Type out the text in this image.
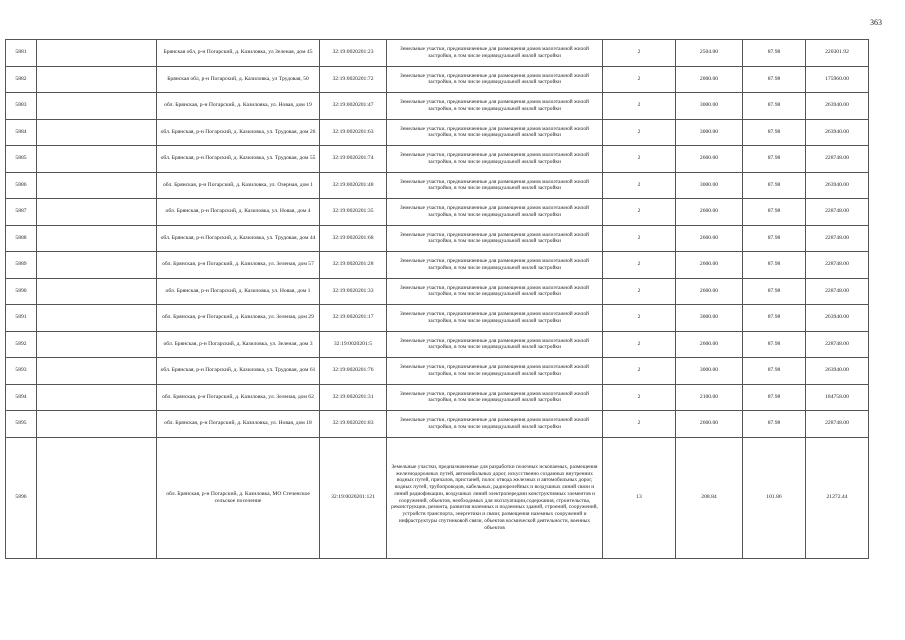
363
5881		Брянская обл, р-н Погарский, д. Казиловка, ул Зеленая, дом 45	32:19:0020201:23	Земельные участки, предназначенные для размещения домов малоэтажной жилой застройки, в том числе индивидуальной жилой застройки	2	2504.00	87.98	220301.92
5882		Брянская обл, р-н Погарский, д. Казиловка, ул Трудовая, 50	32:19:0020201:72	Земельные участки, предназначенные для размещения домов малоэтажной жилой застройки, в том числе индивидуальной жилой застройки	2	2000.00	87.98	175960.00
5883		обл. Брянская, р-н Погарский, д. Казиловка, ул. Новая, дом 19	32:19:0020201:47	Земельные участки, предназначенные для размещения домов малоэтажной жилой застройки, в том числе индивидуальной жилой застройки	2	3000.00	87.98	263940.00
5884		обл. Брянская, р-н Погарский, д. Казиловка, ул. Трудовая, дом 26	32:19:0020201:63	Земельные участки, предназначенные для размещения домов малоэтажной жилой застройки, в том числе индивидуальной жилой застройки	2	3000.00	87.98	263940.00
5885		обл. Брянская, р-н Погарский, д. Казиловка, ул. Трудовая, дом 55	32:19:0020201:74	Земельные участки, предназначенные для размещения домов малоэтажной жилой застройки, в том числе индивидуальной жилой застройки	2	2600.00	87.98	228748.00
5886		обл. Брянская, р-н Погарский, д. Казиловка, ул. Озерная, дом 1	32:19:0020201:48	Земельные участки, предназначенные для размещения домов малоэтажной жилой застройки, в том числе индивидуальной жилой застройки	2	3000.00	87.98	263940.00
5887		обл. Брянская, р-н Погарский, д. Казиловка, ул. Новая, дом 4	32:19:0020201:35	Земельные участки, предназначенные для размещения домов малоэтажной жилой застройки, в том числе индивидуальной жилой застройки	2	2600.00	87.98	228748.00
5888		обл. Брянская, р-н Погарский, д. Казиловка, ул. Трудовая, дом 44	32:19:0020201:68	Земельные участки, предназначенные для размещения домов малоэтажной жилой застройки, в том числе индивидуальной жилой застройки	2	2600.00	87.98	228748.00
5889		обл. Брянская, р-н Погарский, д. Казиловка, ул. Зеленая, дом 57	32:19:0020201:28	Земельные участки, предназначенные для размещения домов малоэтажной жилой застройки, в том числе индивидуальной жилой застройки	2	2600.00	87.98	228748.00
5890		обл. Брянская, р-н Погарский, д. Казиловка, ул. Новая, дом 1	32:19:0020201:33	Земельные участки, предназначенные для размещения домов малоэтажной жилой застройки, в том числе индивидуальной жилой застройки	2	2600.00	87.98	228748.00
5891		обл. Брянская, р-н Погарский, д. Казиловка, ул. Зеленая, дом 29	32:19:0020201:17	Земельные участки, предназначенные для размещения домов малоэтажной жилой застройки, в том числе индивидуальной жилой застройки	2	3000.00	87.98	263940.00
5892		обл. Брянская, р-н Погарский, д. Казиловка, ул. Зеленая, дом 3	32:19:0020201:5	Земельные участки, предназначенные для размещения домов малоэтажной жилой застройки, в том числе индивидуальной жилой застройки	2	2600.00	87.98	228748.00
5893		обл. Брянская, р-н Погарский, д. Казиловка, ул. Трудовая, дом 61	32:19:0020201:76	Земельные участки, предназначенные для размещения домов малоэтажной жилой застройки, в том числе индивидуальной жилой застройки	2	3000.00	87.98	263940.00
5894		обл. Брянская, р-н Погарский, д. Казиловка, ул. Зеленая, дом 62	32:19:0020201:31	Земельные участки, предназначенные для размещения домов малоэтажной жилой застройки, в том числе индивидуальной жилой застройки	2	2100.00	87.98	184758.00
5895		обл. Брянская, р-н Погарский, д. Казиловка, ул. Новая, дом 18	32:19:0020201:83	Земельные участки, предназначенные для размещения домов малоэтажной жилой застройки, в том числе индивидуальной жилой застройки	2	2600.00	87.98	228748.00
5896		обл. Брянская, р-н Погарский, д. Казиловка, МО Стеченское сельское поселение	32:19:0020201:121	Земельные участки, предназначенные для разработки полезных ископаемых, размещения железнодорожных путей, автомобильных дорог, искусственно созданных внутренних водных путей, причалов, пристаней, полос отвода железных и автомобильных дорог, водных путей, трубопроводов, кабельных, радиорелейных и воздушных линий связи и линий радиофикации, воздушных линий электропередачи конструктивных элементов и сооружений, объектов, необходимых для эксплуатации,содержания, строительства, реконструкции, ремонта, развития наземных и подземных зданий, строений, сооружений, устройств транспорта, энергетики и связи; размещения наземных сооружений и инфраструктуры спутниковой связи, объектов космической деятельности, военных объектов	13	208.84	101.86	21272.44
